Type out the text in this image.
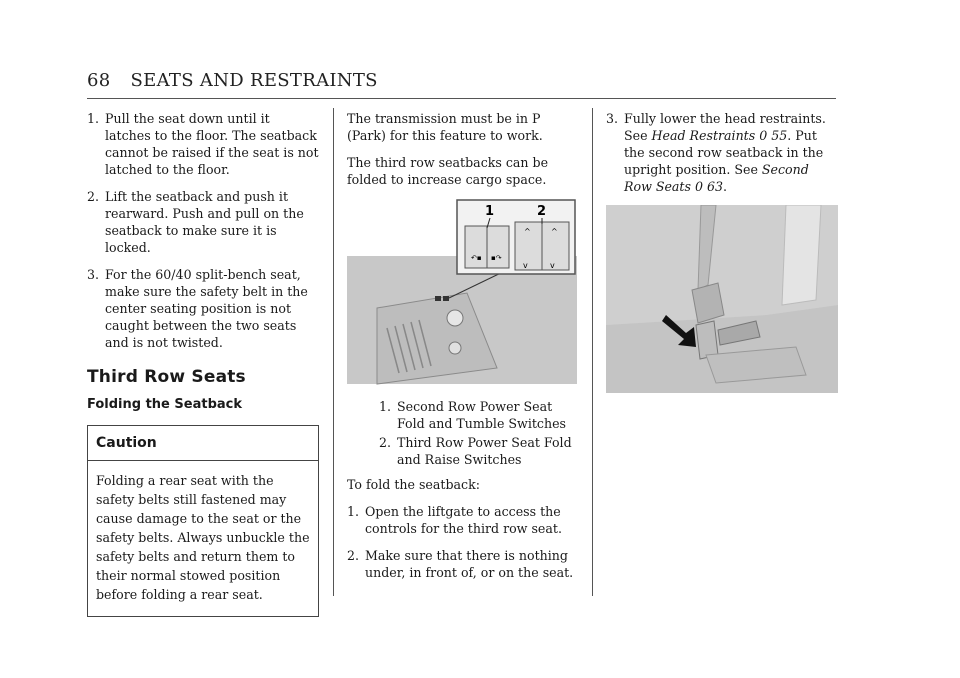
68 SEATS AND RESTRAINTS
1. Pull the seat down until it latches to the floor. The seatback cannot be raised if the seat is not latched to the floor.
2. Lift the seatback and push it rearward. Push and pull on the seatback to make sure it is locked.
3. For the 60/40 split-bench seat, make sure the safety belt in the center seating position is not caught between the two seats and is not twisted.
Third Row Seats
Folding the Seatback
Caution
Folding a rear seat with the safety belts still fastened may cause damage to the seat or the safety belts. Always unbuckle the safety belts and return them to their normal stowed position before folding a rear seat.

The transmission must be in P (Park) for this feature to work.

The third row seatbacks can be folded to increase cargo space.

↶▪ ▪↷
^	^
v	v
1	2
1. Second Row Power Seat Fold and Tumble Switches
2. Third Row Power Seat Fold and Raise Switches

To fold the seatback:

1. Open the liftgate to access the controls for the third row seat.
2. Make sure that there is nothing under, in front of, or on the seat.
3. Fully lower the head restraints. See Head Restraints 0 55. Put the second row seatback in the upright position. See Second Row Seats 0 63.
